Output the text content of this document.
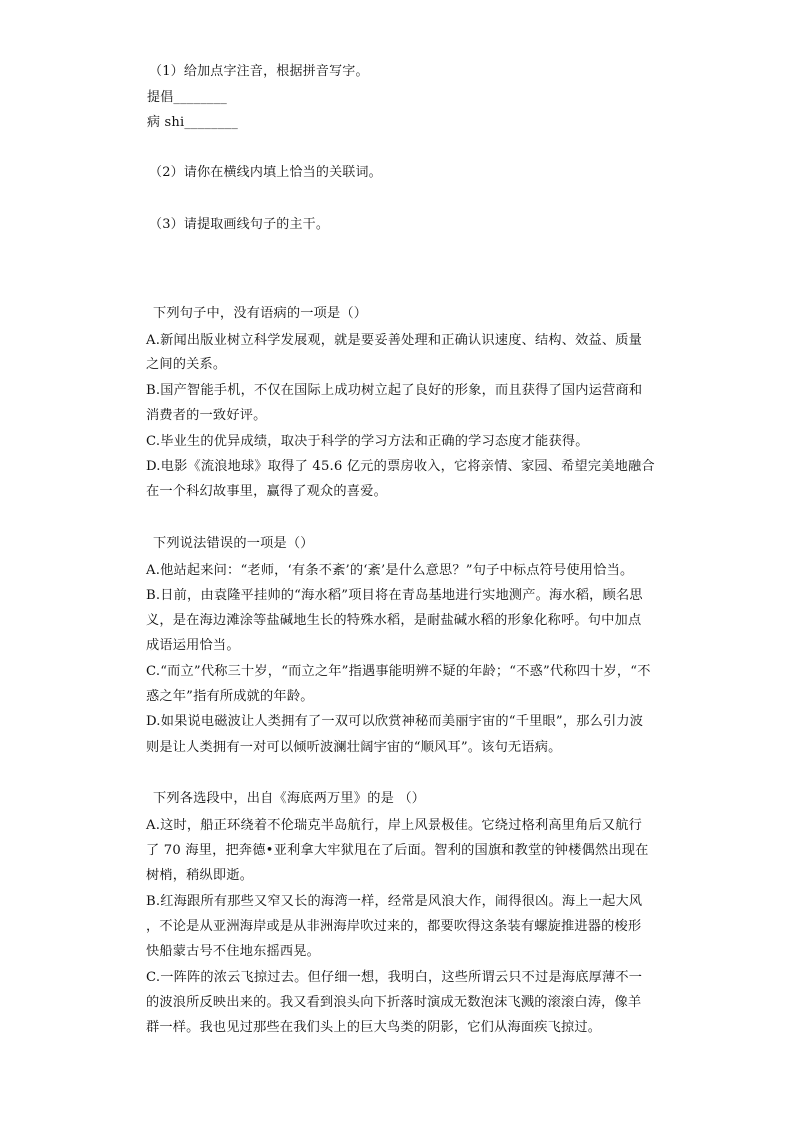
（1）给加点字注音，根据拼音写字。
提倡________
病 shi________
（2）请你在横线内填上恰当的关联词。
（3）请提取画线句子的主干。
下列句子中，没有语病的一项是（）
A.新闻出版业树立科学发展观，就是要妥善处理和正确认识速度、结构、效益、质量
之间的关系。
B.国产智能手机，不仅在国际上成功树立起了良好的形象，而且获得了国内运营商和
消费者的一致好评。
C.毕业生的优异成绩，取决于科学的学习方法和正确的学习态度才能获得。
D.电影《流浪地球》取得了 45.6 亿元的票房收入，它将亲情、家园、希望完美地融合
在一个科幻故事里，赢得了观众的喜爱。
下列说法错误的一项是（）
A.他站起来问：“老师，‘有条不紊’的‘紊’是什么意思？”句子中标点符号使用恰当。
B.日前，由袁隆平挂帅的“海水稻”项目将在青岛基地进行实地测产。海水稻，顾名思
义，是在海边滩涂等盐碱地生长的特殊水稻，是耐盐碱水稻的形象化称呼。句中加点
成语运用恰当。
C.“而立”代称三十岁，“而立之年”指遇事能明辨不疑的年龄；“不惑”代称四十岁，“不
惑之年”指有所成就的年龄。
D.如果说电磁波让人类拥有了一双可以欣赏神秘而美丽宇宙的“千里眼”，那么引力波
则是让人类拥有一对可以倾听波澜壮阔宇宙的“顺风耳”。该句无语病。
下列各选段中，出自《海底两万里》的是 （）
A.这时，船正环绕着不伦瑞克半岛航行，岸上风景极佳。它绕过格利高里角后又航行
了 70 海里，把奔德•亚利拿大牢狱甩在了后面。智利的国旗和教堂的钟楼偶然出现在
树梢，稍纵即逝。
B.红海跟所有那些又窄又长的海湾一样，经常是风浪大作，闹得很凶。海上一起大风
，不论是从亚洲海岸或是从非洲海岸吹过来的，都要吹得这条装有螺旋推进器的梭形
快船蒙古号不住地东摇西晃。
C.一阵阵的浓云飞掠过去。但仔细一想，我明白，这些所谓云只不过是海底厚薄不一
的波浪所反映出来的。我又看到浪头向下折落时演成无数泡沫飞溅的滚滚白涛，像羊
群一样。我也见过那些在我们头上的巨大鸟类的阴影，它们从海面疾飞掠过。
